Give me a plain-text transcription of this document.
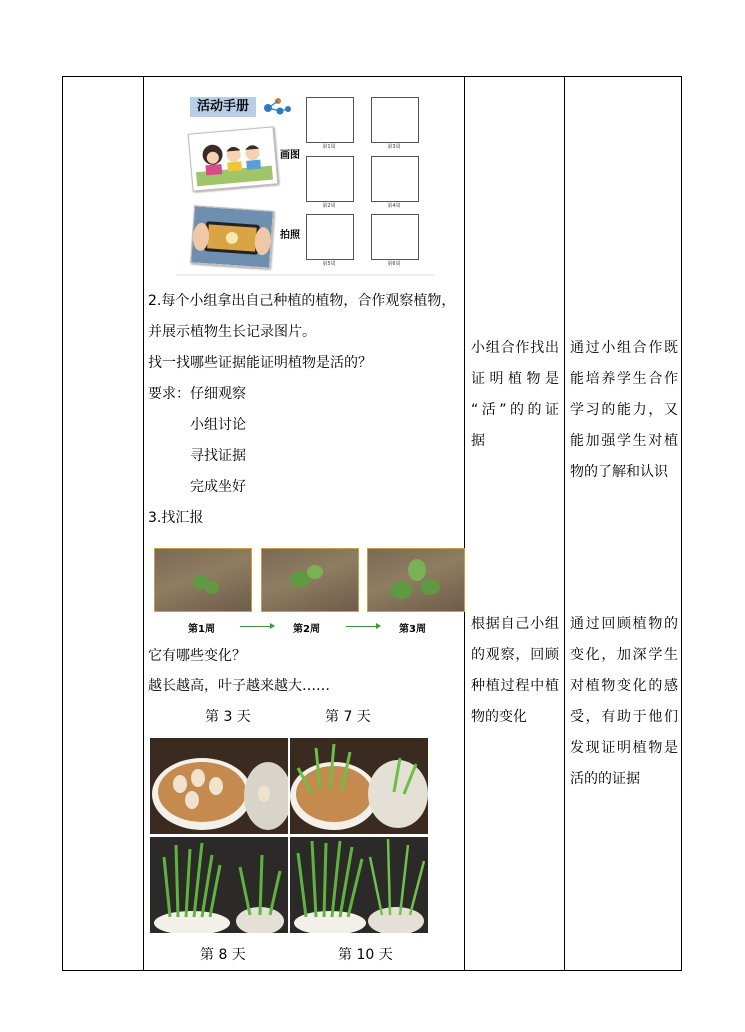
活动手册
画图
拍照
第1周	第3周
第2周	第4周
第5周	第6周
2.每个小组拿出自己种植的植物，合作观察植物，
并展示植物生长记录图片。
找一找哪些证据能证明植物是活的？
要求：仔细观察
小组讨论
寻找证据
完成坐好
3.找汇报
第1周	第2周	第3周
它有哪些变化？
越长越高，叶子越来越大……
第 3 天	第 7 天
第 8 天	第 10 天
小组合作找出
证明植物是
“活”的的证
据
根据自己小组
的观察，回顾
种植过程中植
物的变化
通过小组合作既
能培养学生合作
学习的能力，又
能加强学生对植
物的了解和认识
通过回顾植物的
变化，加深学生
对植物变化的感
受，有助于他们
发现证明植物是
活的的证据
